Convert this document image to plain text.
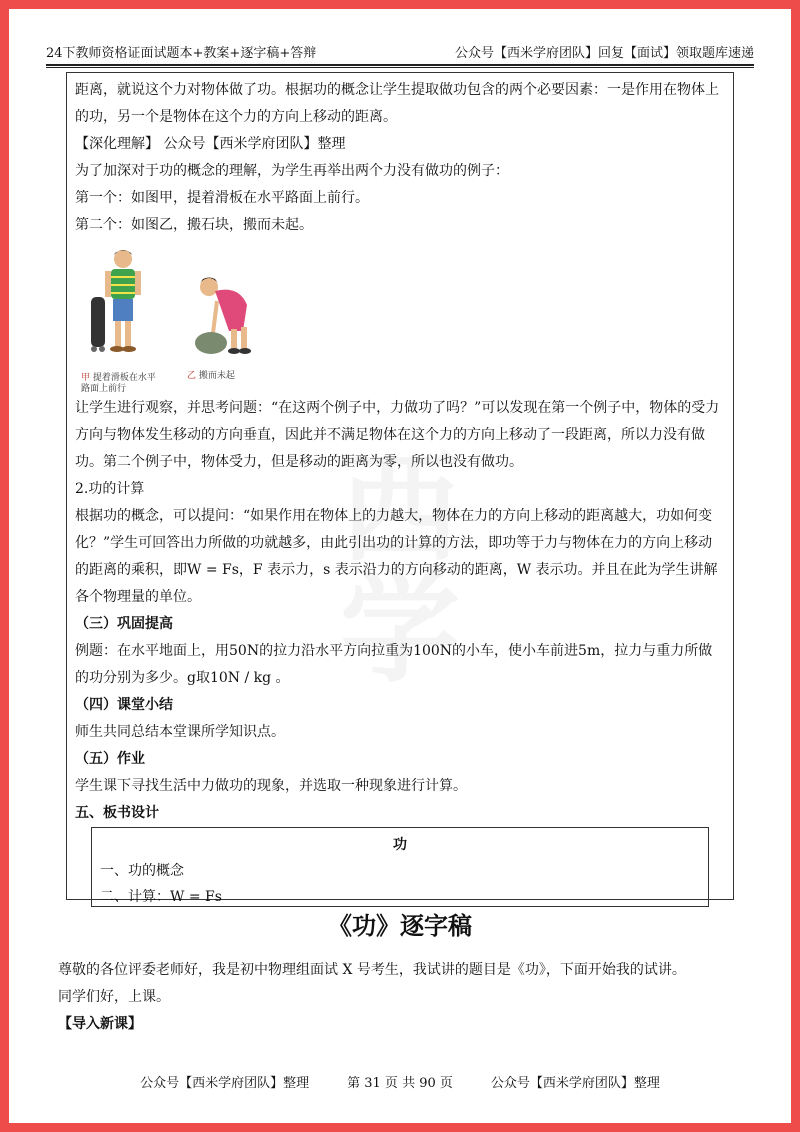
24下教师资格证面试题本+教案+逐字稿+答辩	公众号【西米学府团队】回复【面试】领取题库速递

距离，就说这个力对物体做了功。根据功的概念让学生提取做功包含的两个必要因素：一是作用在物体上的功，另一个是物体在这个力的方向上移动的距离。

【深化理解】 公众号【西米学府团队】整理

为了加深对于功的概念的理解，为学生再举出两个力没有做功的例子：

第一个：如图甲，提着滑板在水平路面上前行。

第二个：如图乙，搬石块，搬而未起。

甲 提着滑板在水平路面上前行
乙 搬而未起

让学生进行观察，并思考问题：“在这两个例子中，力做功了吗？”可以发现在第一个例子中，物体的受力方向与物体发生移动的方向垂直，因此并不满足物体在这个力的方向上移动了一段距离，所以力没有做功。第二个例子中，物体受力，但是移动的距离为零，所以也没有做功。

2.功的计算

根据功的概念，可以提问：“如果作用在物体上的力越大，物体在力的方向上移动的距离越大，功如何变化？”学生可回答出力所做的功就越多，由此引出功的计算的方法，即功等于力与物体在力的方向上移动的距离的乘积，即W = Fs，F 表示力，s 表示沿力的方向移动的距离，W 表示功。并且在此为学生讲解各个物理量的单位。

（三）巩固提高

例题：在水平地面上，用50N的拉力沿水平方向拉重为100N的小车，使小车前进5m，拉力与重力所做的功分别为多少。g取10N / kg 。

（四）课堂小结

师生共同总结本堂课所学知识点。

（五）作业

学生课下寻找生活中力做功的现象，并选取一种现象进行计算。

五、板书设计

功
一、功的概念
二、计算：W = Fs
西
学
《功》逐字稿

尊敬的各位评委老师好，我是初中物理组面试 X 号考生，我试讲的题目是《功》，下面开始我的试讲。

同学们好，上课。

【导入新课】

公众号【西米学府团队】整理	第 31 页 共 90 页	公众号【西米学府团队】整理
